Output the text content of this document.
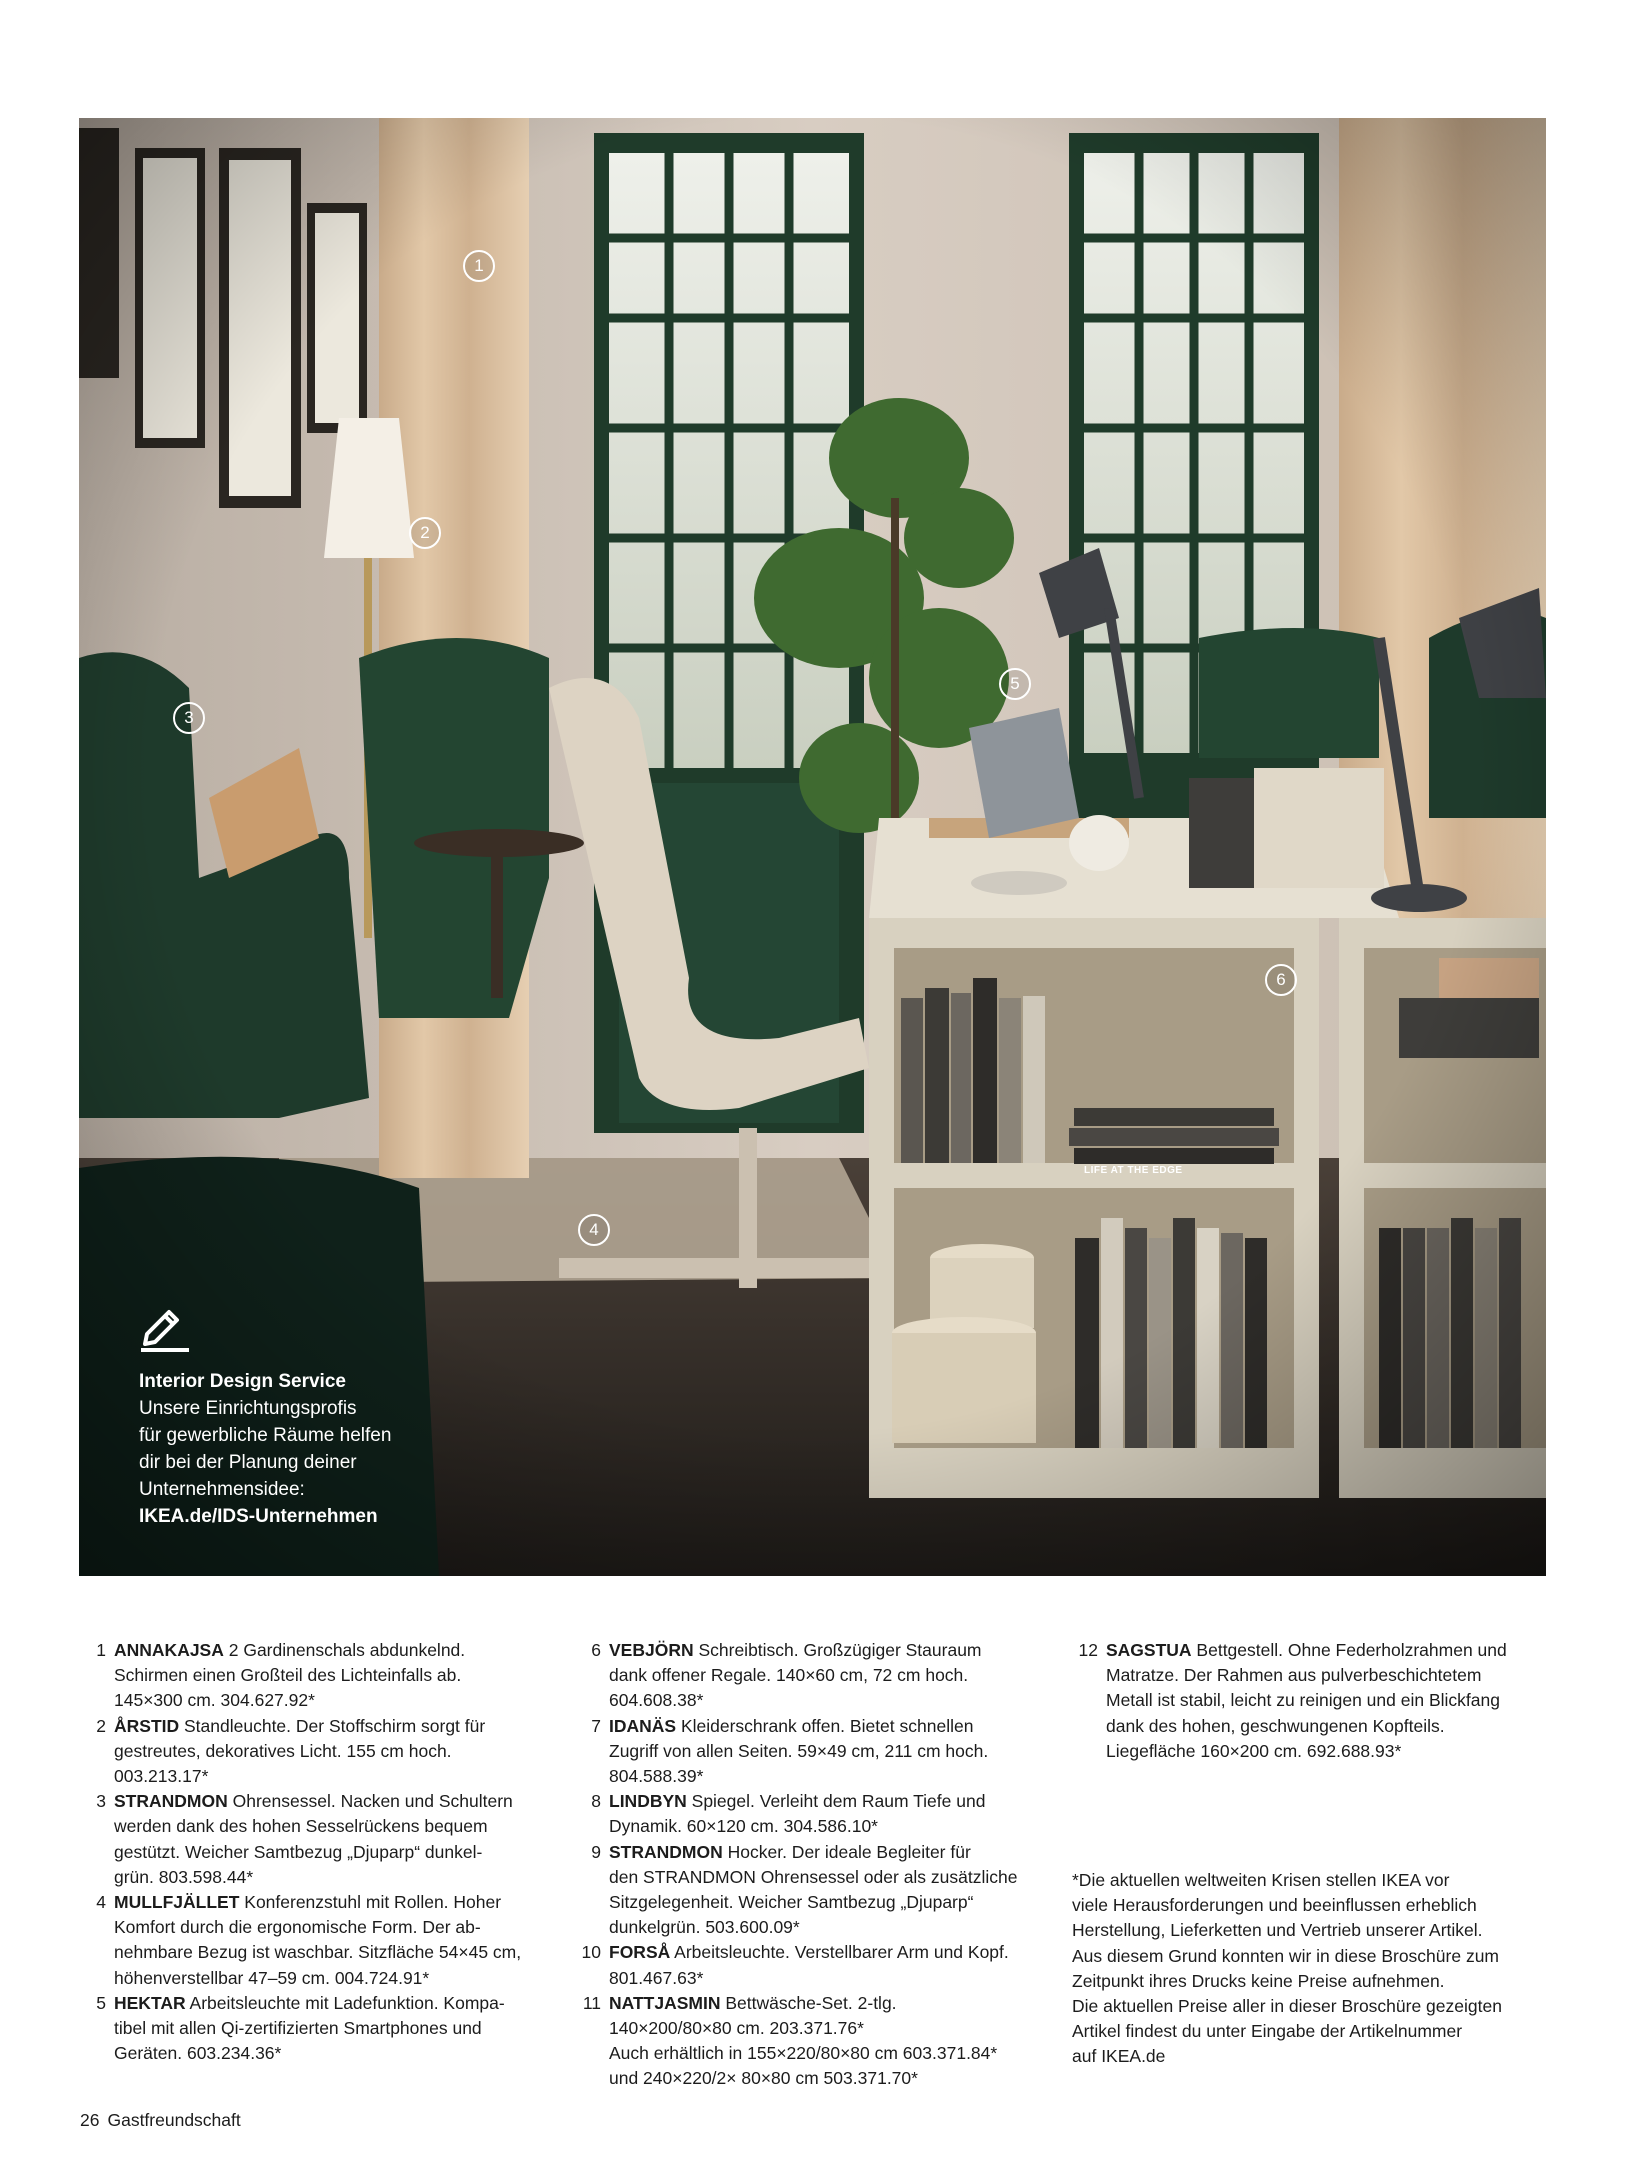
1
2
3
4
5
6
LIFE AT THE EDGE
Interior Design Service
Unsere Einrichtungsprofis
für gewerbliche Räume helfen
dir bei der Planung deiner
Unternehmensidee:
IKEA.de/IDS-Unternehmen
1 ANNAKAJSA 2 Gardinenschals abdunkelnd.
Schirmen einen Großteil des Lichteinfalls ab.
145×300 cm. 304.627.92*
2 ÅRSTID Standleuchte. Der Stoffschirm sorgt für
gestreutes, dekoratives Licht. 155 cm hoch.
003.213.17*
3 STRANDMON Ohrensessel. Nacken und Schultern
werden dank des hohen Sesselrückens bequem
gestützt. Weicher Samtbezug „Djuparp“ dunkel-
grün. 803.598.44*
4 MULLFJÄLLET Konferenzstuhl mit Rollen. Hoher
Komfort durch die ergonomische Form. Der ab-
nehmbare Bezug ist waschbar. Sitzfläche 54×45 cm,
höhenverstellbar 47–59 cm. 004.724.91*
5 HEKTAR Arbeitsleuchte mit Ladefunktion. Kompa-
tibel mit allen Qi-zertifizierten Smartphones und
Geräten. 603.234.36*
6 VEBJÖRN Schreibtisch. Großzügiger Stauraum
dank offener Regale. 140×60 cm, 72 cm hoch.
604.608.38*
7 IDANÄS Kleiderschrank offen. Bietet schnellen
Zugriff von allen Seiten. 59×49 cm, 211 cm hoch.
804.588.39*
8 LINDBYN Spiegel. Verleiht dem Raum Tiefe und
Dynamik. 60×120 cm. 304.586.10*
9 STRANDMON Hocker. Der ideale Begleiter für
den STRANDMON Ohrensessel oder als zusätzliche
Sitzgelegenheit. Weicher Samtbezug „Djuparp“
dunkelgrün. 503.600.09*
10 FORSÅ Arbeitsleuchte. Verstellbarer Arm und Kopf.
801.467.63*
11 NATTJASMIN Bettwäsche-Set. 2-tlg.
140×200/80×80 cm. 203.371.76*
Auch erhältlich in 155×220/80×80 cm 603.371.84*
und 240×220/2× 80×80 cm 503.371.70*
12 SAGSTUA Bettgestell. Ohne Federholzrahmen und
Matratze. Der Rahmen aus pulverbeschichtetem
Metall ist stabil, leicht zu reinigen und ein Blickfang
dank des hohen, geschwungenen Kopfteils.
Liegefläche 160×200 cm. 692.688.93*
*Die aktuellen weltweiten Krisen stellen IKEA vor
viele Herausforderungen und beeinflussen erheblich
Herstellung, Lieferketten und Vertrieb unserer Artikel.
Aus diesem Grund konnten wir in diese Broschüre zum
Zeitpunkt ihres Drucks keine Preise aufnehmen.
Die aktuellen Preise aller in dieser Broschüre gezeigten
Artikel findest du unter Eingabe der Artikelnummer
auf IKEA.de
26 Gastfreundschaft
